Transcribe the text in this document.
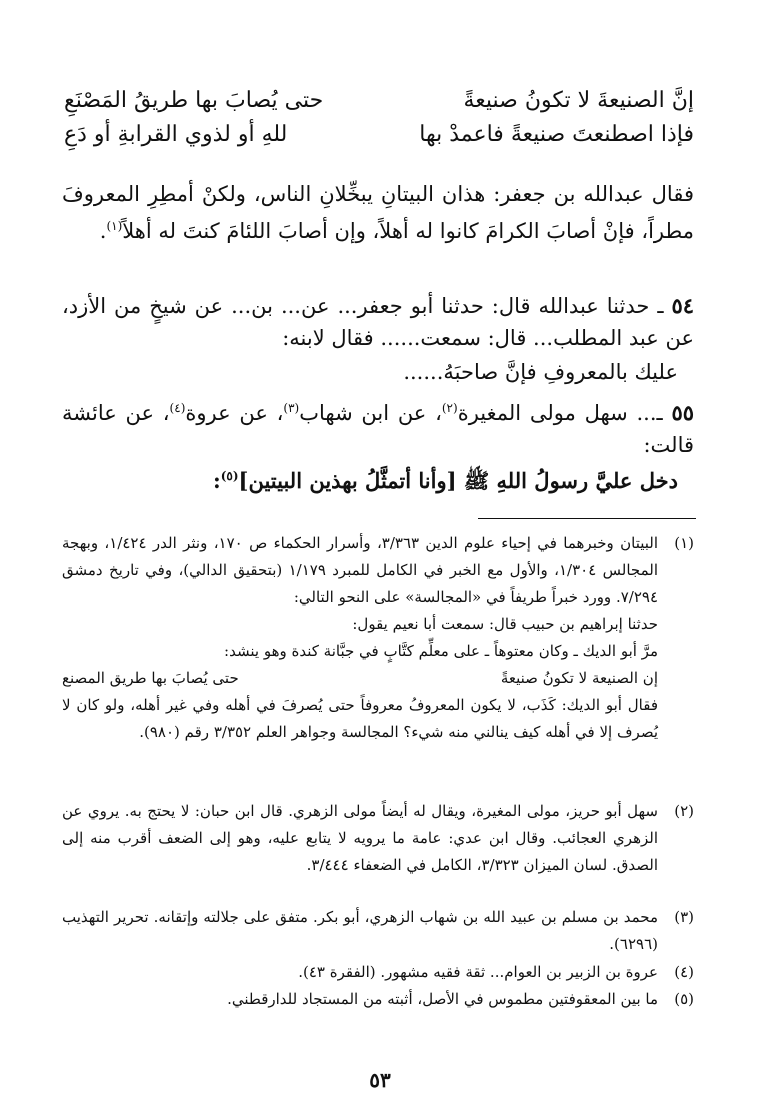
إنَّ الصنيعةَ لا تكونُ صنيعةً
حتى يُصابَ بها طريقُ المَصْنَعِ
فإذا اصطنعتَ صنيعةً فاعمدْ بها
للهِ أو لذوي القرابةِ أو دَعِ
فقال عبدالله بن جعفر: هذان البيتانِ يبخِّلانِ الناس، ولكنْ أمطِرِ المعروفَ مطراً، فإنْ أصابَ الكرامَ كانوا له أهلاً، وإن أصابَ اللئامَ كنتَ له أهلاً$^{(١)}$.
٥٤ ـ حدثنا عبدالله قال: حدثنا أبو جعفر... عن... بن... عن شيخٍ من الأزد، عن عبد المطلب... قال: سمعت...... فقال لابنه:
عليك بالمعروفِ فإنَّ صاحبَهُ......
٥٥ ـ... سهل مولى المغيرة$^{(٢)}$، عن ابن شهاب$^{(٣)}$، عن عروة$^{(٤)}$، عن عائشة قالت:
دخل عليَّ رسولُ اللهِ ﷺ [وأنا أتمثَّلُ بهذين البيتين]$^{(٥)}$:
(١)
البيتان وخبرهما في إحياء علوم الدين ٣/٣٦٣، وأسرار الحكماء ص ١٧٠، ونثر الدر ١/٤٢٤، وبهجة المجالس ١/٣٠٤، والأول مع الخبر في الكامل للمبرد ١/١٧٩ (بتحقيق الدالي)، وفي تاريخ دمشق ٧/٢٩٤. وورد خبراً طريفاً في «المجالسة» على النحو التالي:
حدثنا إبراهيم بن حبيب قال: سمعت أبا نعيم يقول:
مرَّ أبو الديك ـ وكان معتوهاً ـ على معلِّم كتَّابٍ في جبَّانة كندة وهو ينشد:
إن الصنيعة لا تكونُ صنيعةً
حتى يُصابَ بها طريق المصنع
فقال أبو الديك: كَذَب، لا يكون المعروفُ معروفاً حتى يُصرفَ في أهله وفي غير أهله، ولو كان لا يُصرف إلا في أهله كيف ينالني منه شيء؟ المجالسة وجواهر العلم ٣/٣٥٢ رقم (٩٨٠).
(٢)
سهل أبو حريز، مولى المغيرة، ويقال له أيضاً مولى الزهري. قال ابن حبان: لا يحتج به. يروي عن الزهري العجائب. وقال ابن عدي: عامة ما يرويه لا يتابع عليه، وهو إلى الضعف أقرب منه إلى الصدق. لسان الميزان ٣/٣٢٣، الكامل في الضعفاء ٣/٤٤٤.
(٣)
محمد بن مسلم بن عبيد الله بن شهاب الزهري، أبو بكر. متفق على جلالته وإتقانه. تحرير التهذيب (٦٢٩٦).
(٤)
عروة بن الزبير بن العوام... ثقة فقيه مشهور. (الفقرة ٤٣).
(٥)
ما بين المعقوفتين مطموس في الأصل، أثبته من المستجاد للدارقطني.
٥٣
